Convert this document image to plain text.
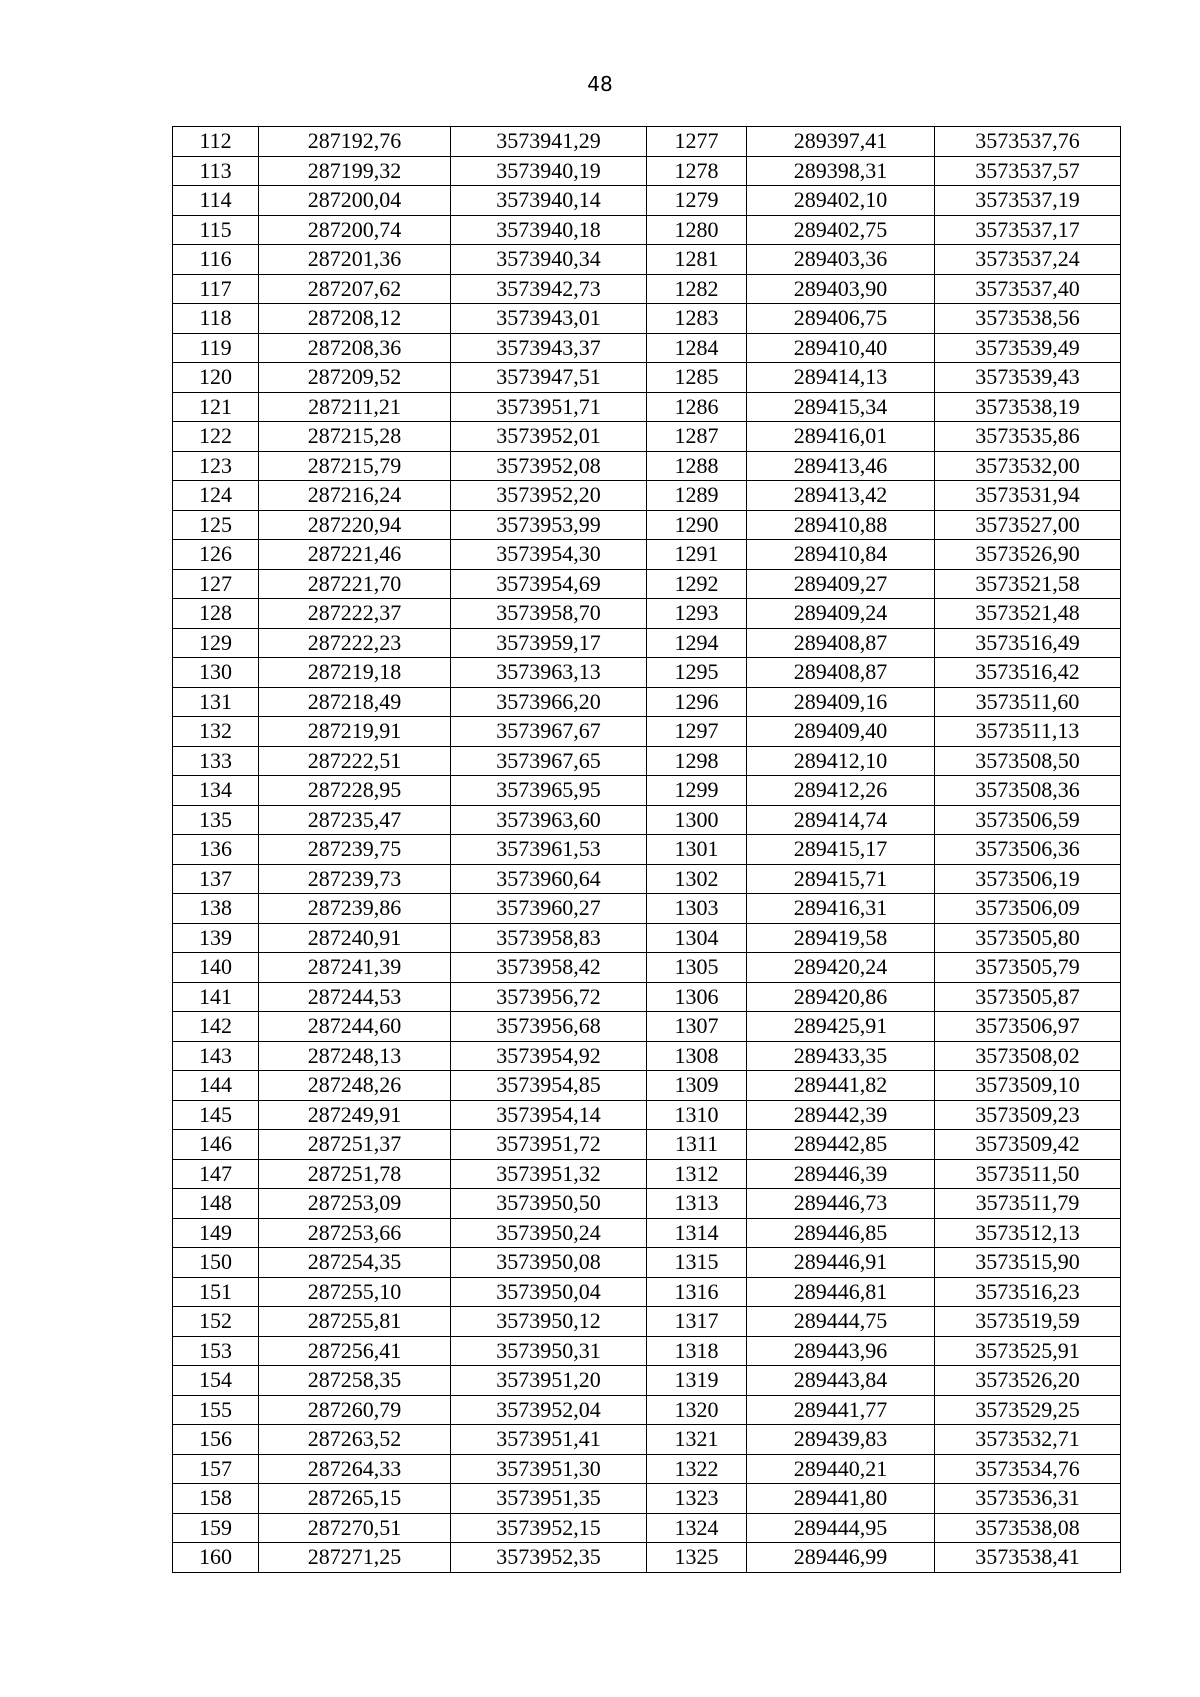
48
112	287192,76	3573941,29	1277	289397,41	3573537,76
113	287199,32	3573940,19	1278	289398,31	3573537,57
114	287200,04	3573940,14	1279	289402,10	3573537,19
115	287200,74	3573940,18	1280	289402,75	3573537,17
116	287201,36	3573940,34	1281	289403,36	3573537,24
117	287207,62	3573942,73	1282	289403,90	3573537,40
118	287208,12	3573943,01	1283	289406,75	3573538,56
119	287208,36	3573943,37	1284	289410,40	3573539,49
120	287209,52	3573947,51	1285	289414,13	3573539,43
121	287211,21	3573951,71	1286	289415,34	3573538,19
122	287215,28	3573952,01	1287	289416,01	3573535,86
123	287215,79	3573952,08	1288	289413,46	3573532,00
124	287216,24	3573952,20	1289	289413,42	3573531,94
125	287220,94	3573953,99	1290	289410,88	3573527,00
126	287221,46	3573954,30	1291	289410,84	3573526,90
127	287221,70	3573954,69	1292	289409,27	3573521,58
128	287222,37	3573958,70	1293	289409,24	3573521,48
129	287222,23	3573959,17	1294	289408,87	3573516,49
130	287219,18	3573963,13	1295	289408,87	3573516,42
131	287218,49	3573966,20	1296	289409,16	3573511,60
132	287219,91	3573967,67	1297	289409,40	3573511,13
133	287222,51	3573967,65	1298	289412,10	3573508,50
134	287228,95	3573965,95	1299	289412,26	3573508,36
135	287235,47	3573963,60	1300	289414,74	3573506,59
136	287239,75	3573961,53	1301	289415,17	3573506,36
137	287239,73	3573960,64	1302	289415,71	3573506,19
138	287239,86	3573960,27	1303	289416,31	3573506,09
139	287240,91	3573958,83	1304	289419,58	3573505,80
140	287241,39	3573958,42	1305	289420,24	3573505,79
141	287244,53	3573956,72	1306	289420,86	3573505,87
142	287244,60	3573956,68	1307	289425,91	3573506,97
143	287248,13	3573954,92	1308	289433,35	3573508,02
144	287248,26	3573954,85	1309	289441,82	3573509,10
145	287249,91	3573954,14	1310	289442,39	3573509,23
146	287251,37	3573951,72	1311	289442,85	3573509,42
147	287251,78	3573951,32	1312	289446,39	3573511,50
148	287253,09	3573950,50	1313	289446,73	3573511,79
149	287253,66	3573950,24	1314	289446,85	3573512,13
150	287254,35	3573950,08	1315	289446,91	3573515,90
151	287255,10	3573950,04	1316	289446,81	3573516,23
152	287255,81	3573950,12	1317	289444,75	3573519,59
153	287256,41	3573950,31	1318	289443,96	3573525,91
154	287258,35	3573951,20	1319	289443,84	3573526,20
155	287260,79	3573952,04	1320	289441,77	3573529,25
156	287263,52	3573951,41	1321	289439,83	3573532,71
157	287264,33	3573951,30	1322	289440,21	3573534,76
158	287265,15	3573951,35	1323	289441,80	3573536,31
159	287270,51	3573952,15	1324	289444,95	3573538,08
160	287271,25	3573952,35	1325	289446,99	3573538,41
